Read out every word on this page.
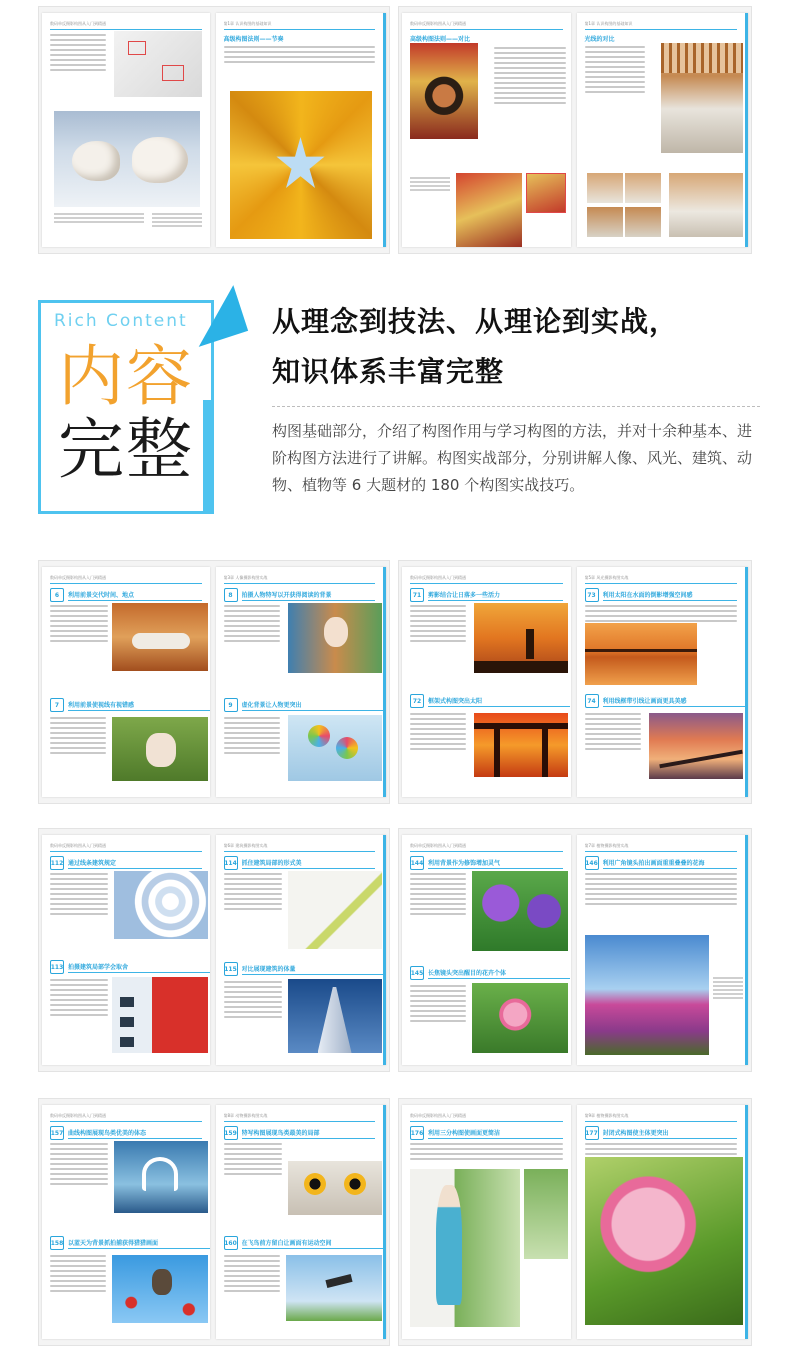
数码单反摄影构图从入门到精通	第1章 认识构图的基础知识
高级构图法则——节奏
数码单反摄影构图从入门到精通
高级构图法则——对比
第1章 认识构图的基础知识
光线的对比
Rich Content
内容
完整
从理念到技法、从理论到实战，
知识体系丰富完整
构图基础部分，介绍了构图作用与学习构图的方法，并对十余种基本、进阶构图方法进行了讲解。构图实战部分，分别讲解人像、风光、建筑、动物、植物等 6 大题材的 180 个构图实战技巧。
数码单反摄影构图从入门到精通
6	利用前景交代时间、地点
7	利用前景使视线有视错感
第3章 人像摄影构图实战
8	拍摄人物特写以开获得阅读的背景
9	虚化背景让人物更突出
数码单反摄影构图从入门到精通
71	剪影结合让日落多一些活力
72	框架式构图突出太阳
第5章 风光摄影构图实战
73	利用太阳在水面的倒影增强空间感
74	利用线框带引线让画面更具美感
数码单反摄影构图从入门到精通
112 通过线条建筑规定
113 拍摄建筑局部学会取舍
第6章 建筑摄影构图实战
114 抓住建筑局部的形式美
115 对比展现建筑的体量
数码单反摄影构图从入门到精通
144 利用背景作为修饰增加灵气
145 长焦镜头突出醒目的花卉个体
第7章 植物摄影构图实战
146 利用广角镜头拍出画面重重叠叠的花海
数码单反摄影构图从入门到精通
157 曲线构图展现鸟类优美的体态
158 以蓝天为背景抓拍捕获得猎猎画面
第8章 动物摄影构图实战
159 特写构图展现鸟类最美的局部
160 在飞鸟前方留白让画面有运动空间
数码单反摄影构图从入门到精通
176 利用三分构图使画面更简洁
第9章 植物摄影构图实战
177 封闭式构图使主体更突出
